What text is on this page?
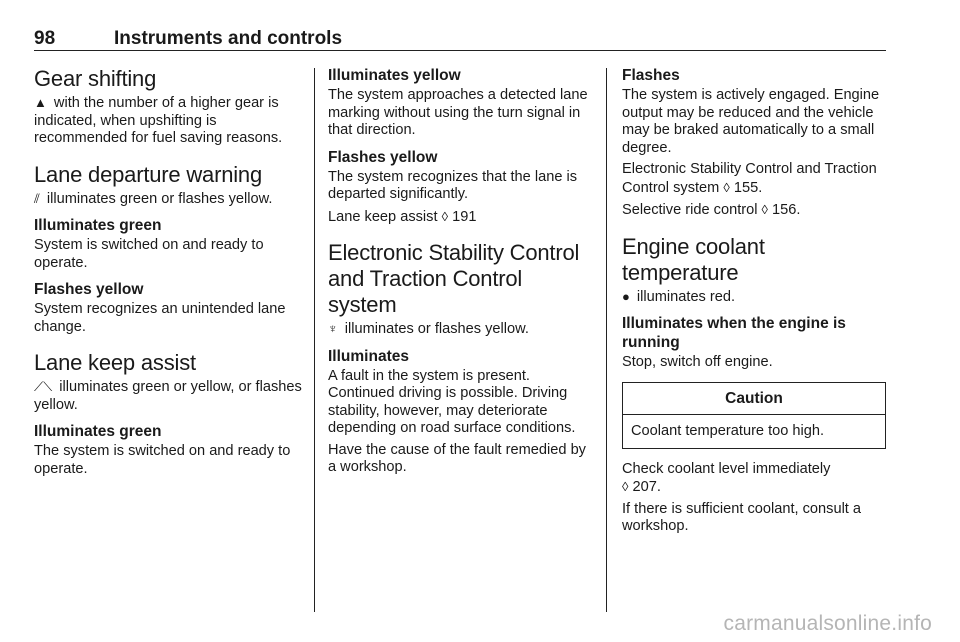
98	Instruments and controls
Gear shifting

▲ with the number of a higher gear is indicated, when upshifting is recommended for fuel saving reasons.

Lane departure warning

⫽ illuminates green or flashes yellow.

Illuminates green

System is switched on and ready to operate.

Flashes yellow

System recognizes an unintended lane change.

Lane keep assist

⟋⟍ illuminates green or yellow, or flashes yellow.

Illuminates green

The system is switched on and ready to operate.

Illuminates yellow

The system approaches a detected lane marking without using the turn signal in that direction.

Flashes yellow

The system recognizes that the lane is departed significantly.

Lane keep assist ◊ 191

Electronic Stability Control and Traction Control system

♆ illuminates or flashes yellow.

Illuminates

A fault in the system is present. Continued driving is possible. Driving stability, however, may deteriorate depending on road surface conditions.

Have the cause of the fault remedied by a workshop.

Flashes

The system is actively engaged. Engine output may be reduced and the vehicle may be braked automatically to a small degree.

Electronic Stability Control and Traction Control system ◊ 155.

Selective ride control ◊ 156.

Engine coolant temperature

● illuminates red.

Illuminates when the engine is running

Stop, switch off engine.

Caution
Coolant temperature too high.

Check coolant level immediately
◊ 207.

If there is sufficient coolant, consult a workshop.

carmanualsonline.info
